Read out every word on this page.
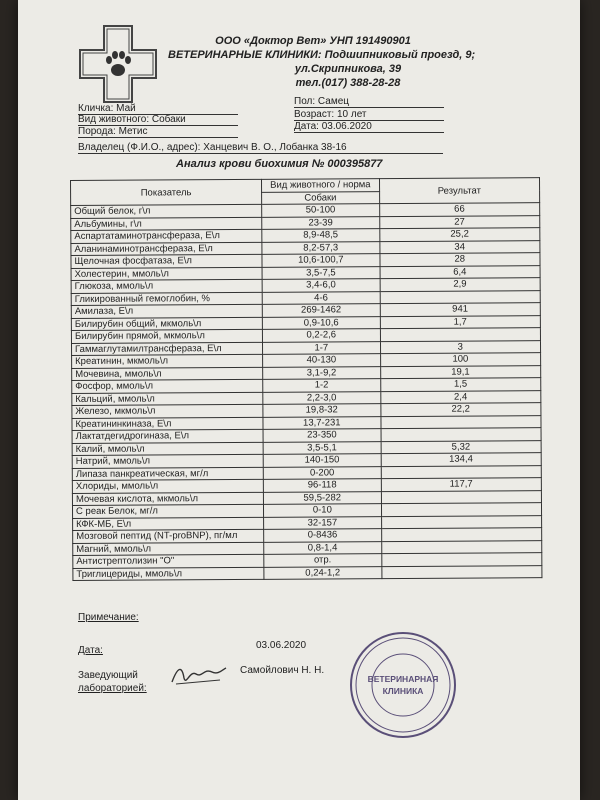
ООО «Доктор Вет» УНП 191490901
ВЕТЕРИНАРНЫЕ КЛИНИКИ: Подшипниковый проезд, 9;
ул.Скрипникова, 39
тел.(017) 388-28-28
Кличка: Май
Вид животного: Собаки
Порода: Метис
Пол: Самец
Возраст: 10 лет
Дата: 03.06.2020
Владелец (Ф.И.О., адрес): Ханцевич В. О., Лобанка 38-16
Анализ крови биохимия № 000395877
Показатель	Вид животного / норма	Результат
	Собаки	
Общий белок, г\л	50-100	66
Альбумины, г\л	23-39	27
Аспартатаминотрансфераза, Е\л	8,9-48,5	25,2
Аланинаминотрансфераза, Е\л	8,2-57,3	34
Щелочная фосфатаза, Е\л	10,6-100,7	28
Холестерин, ммоль\л	3,5-7,5	6,4
Глюкоза, ммоль\л	3,4-6,0	2,9
Гликированный гемоглобин, %	4-6	
Амилаза, Е\л	269-1462	941
Билирубин общий, мкмоль\л	0,9-10,6	1,7
Билирубин прямой, мкмоль\л	0,2-2,6	
Гаммаглутамилтрансфераза, Е\л	1-7	3
Креатинин, мкмоль\л	40-130	100
Мочевина, ммоль\л	3,1-9,2	19,1
Фосфор, ммоль\л	1-2	1,5
Кальций, ммоль\л	2,2-3,0	2,4
Железо, мкмоль\л	19,8-32	22,2
Креатининкиназа, Е\л	13,7-231	
Лактатдегидрогиназа, Е\л	23-350	
Калий, ммоль\л	3,5-5,1	5,32
Натрий, ммоль\л	140-150	134,4
Липаза панкреатическая, мг/л	0-200	
Хлориды, ммоль\л	96-118	117,7
Мочевая кислота, мкмоль\л	59,5-282	
С реак Белок, мг/л	0-10	
КФК-МБ, Е\л	32-157	
Мозговой пептид (NT-proBNP), пг/мл	0-8436	
Магний, ммоль\л	0,8-1,4	
Антистрептолизин "О"	отр.	
Триглицериды, ммоль\л	0,24-1,2	
Примечание:
Дата:	03.06.2020
Заведующий
лабораторией:
Самойлович Н. Н.
ВЕТЕРИНАРНАЯ
КЛИНИКА
